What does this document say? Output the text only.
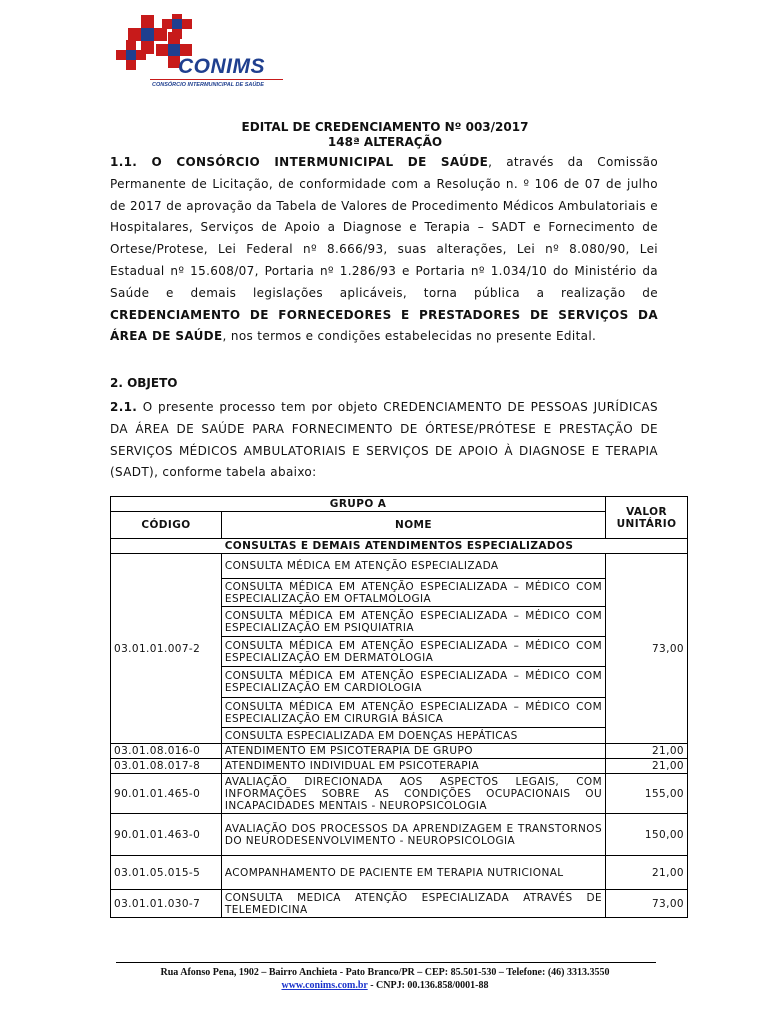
CONIMS
CONSÓRCIO INTERMUNICIPAL DE SAÚDE
EDITAL DE CREDENCIAMENTO Nº 003/2017
148ª ALTERAÇÃO
1.1. O CONSÓRCIO INTERMUNICIPAL DE SAÚDE, através da Comissão Permanente de Licitação, de conformidade com a Resolução n. º 106 de 07 de julho de 2017 de aprovação da Tabela de Valores de Procedimento Médicos Ambulatoriais e Hospitalares, Serviços de Apoio a Diagnose e Terapia – SADT e Fornecimento de Ortese/Protese, Lei Federal nº 8.666/93, suas alterações, Lei nº 8.080/90, Lei Estadual nº 15.608/07, Portaria nº 1.286/93 e Portaria nº 1.034/10 do Ministério da Saúde e demais legislações aplicáveis, torna pública a realização de CREDENCIAMENTO DE FORNECEDORES E PRESTADORES DE SERVIÇOS DA ÁREA DE SAÚDE, nos termos e condições estabelecidas no presente Edital.
2. OBJETO
2.1. O presente processo tem por objeto CREDENCIAMENTO DE PESSOAS JURÍDICAS DA ÁREA DE SAÚDE PARA FORNECIMENTO DE ÓRTESE/PRÓTESE E PRESTAÇÃO DE SERVIÇOS MÉDICOS AMBULATORIAIS E SERVIÇOS DE APOIO À DIAGNOSE E TERAPIA (SADT), conforme tabela abaixo:
GRUPO A		VALOR UNITÁRIO
CÓDIGO	NOME	
CONSULTAS E DEMAIS ATENDIMENTOS ESPECIALIZADOS		
03.01.01.007-2	CONSULTA MÉDICA EM ATENÇÃO ESPECIALIZADA	73,00
	CONSULTA MÉDICA EM ATENÇÃO ESPECIALIZADA – MÉDICO COM ESPECIALIZAÇÃO EM OFTALMOLOGIA	
	CONSULTA MÉDICA EM ATENÇÃO ESPECIALIZADA – MÉDICO COM ESPECIALIZAÇÃO EM PSIQUIATRIA	
	CONSULTA MÉDICA EM ATENÇÃO ESPECIALIZADA – MÉDICO COM ESPECIALIZAÇÃO EM DERMATOLOGIA	
	CONSULTA MÉDICA EM ATENÇÃO ESPECIALIZADA – MÉDICO COM ESPECIALIZAÇÃO EM CARDIOLOGIA	
	CONSULTA MÉDICA EM ATENÇÃO ESPECIALIZADA – MÉDICO COM ESPECIALIZAÇÃO EM CIRURGIA BÁSICA	
	CONSULTA ESPECIALIZADA EM DOENÇAS HEPÁTICAS	
03.01.08.016-0	ATENDIMENTO EM PSICOTERAPIA DE GRUPO	21,00
03.01.08.017-8	ATENDIMENTO INDIVIDUAL EM PSICOTERAPIA	21,00
90.01.01.465-0	AVALIAÇÃO DIRECIONADA AOS ASPECTOS LEGAIS, COM INFORMAÇÕES SOBRE AS CONDIÇÕES OCUPACIONAIS OU INCAPACIDADES MENTAIS - NEUROPSICOLOGIA	155,00
90.01.01.463-0	AVALIAÇÃO DOS PROCESSOS DA APRENDIZAGEM E TRANSTORNOS DO NEURODESENVOLVIMENTO - NEUROPSICOLOGIA	150,00
03.01.05.015-5	ACOMPANHAMENTO DE PACIENTE EM TERAPIA NUTRICIONAL	21,00
03.01.01.030-7	CONSULTA MEDICA ATENÇÃO ESPECIALIZADA ATRAVÉS DE TELEMEDICINA	73,00
Rua Afonso Pena, 1902 – Bairro Anchieta - Pato Branco/PR – CEP: 85.501-530 – Telefone: (46) 3313.3550
www.conims.com.br - CNPJ: 00.136.858/0001-88
